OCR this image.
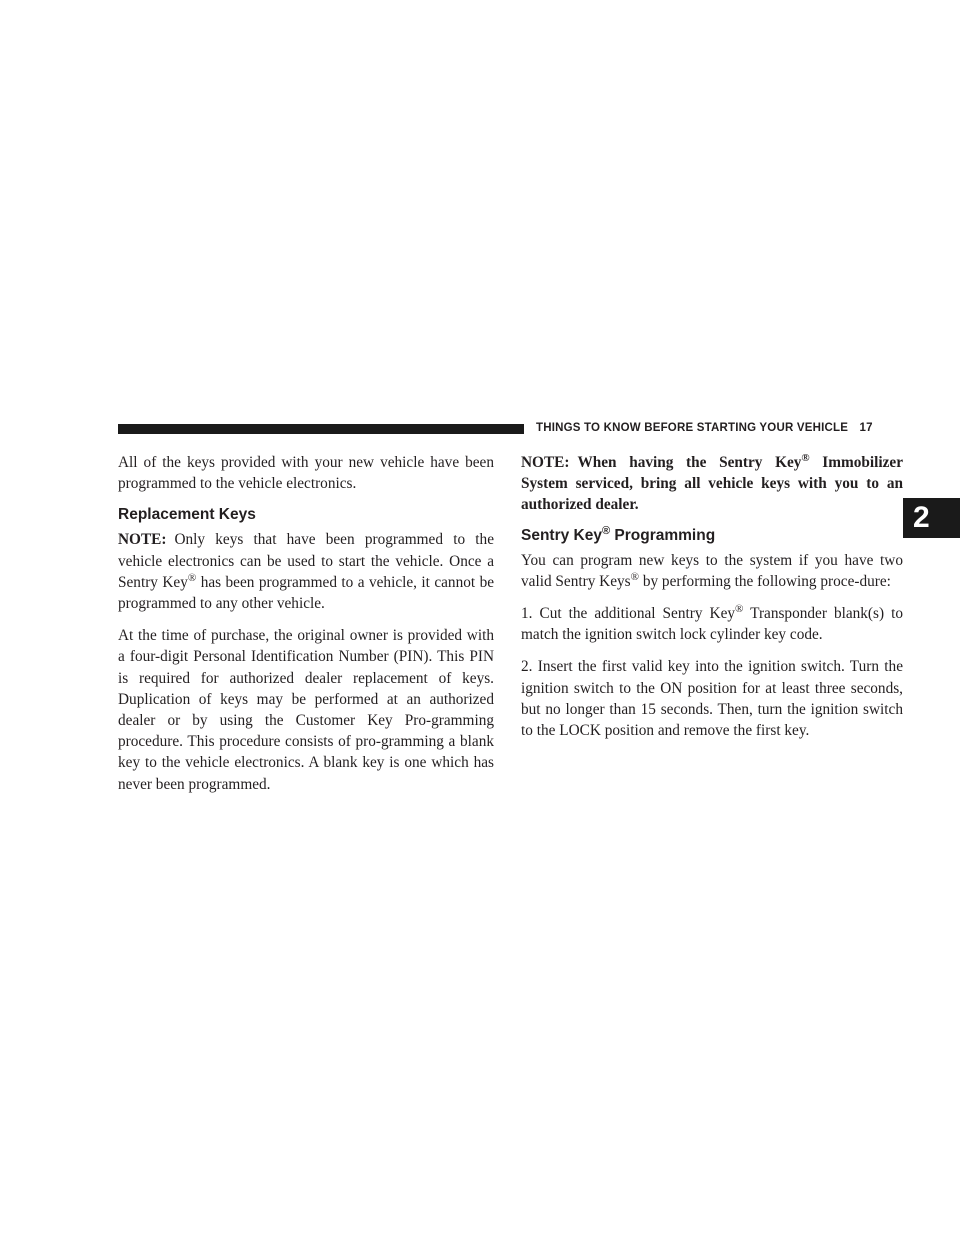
THINGS TO KNOW BEFORE STARTING YOUR VEHICLE 17
2

All of the keys provided with your new vehicle have been programmed to the vehicle electronics.

Replacement Keys

NOTE: Only keys that have been programmed to the vehicle electronics can be used to start the vehicle. Once a Sentry Key® has been programmed to a vehicle, it cannot be programmed to any other vehicle.

At the time of purchase, the original owner is provided with a four-digit Personal Identification Number (PIN). This PIN is required for authorized dealer replacement of keys. Duplication of keys may be performed at an authorized dealer or by using the Customer Key Pro-gramming procedure. This procedure consists of pro-gramming a blank key to the vehicle electronics. A blank key is one which has never been programmed.

NOTE: When having the Sentry Key® Immobilizer System serviced, bring all vehicle keys with you to an authorized dealer.

Sentry Key® Programming

You can program new keys to the system if you have two valid Sentry Keys® by performing the following proce-dure:

1. Cut the additional Sentry Key® Transponder blank(s) to match the ignition switch lock cylinder key code.

2. Insert the first valid key into the ignition switch. Turn the ignition switch to the ON position for at least three seconds, but no longer than 15 seconds. Then, turn the ignition switch to the LOCK position and remove the first key.
